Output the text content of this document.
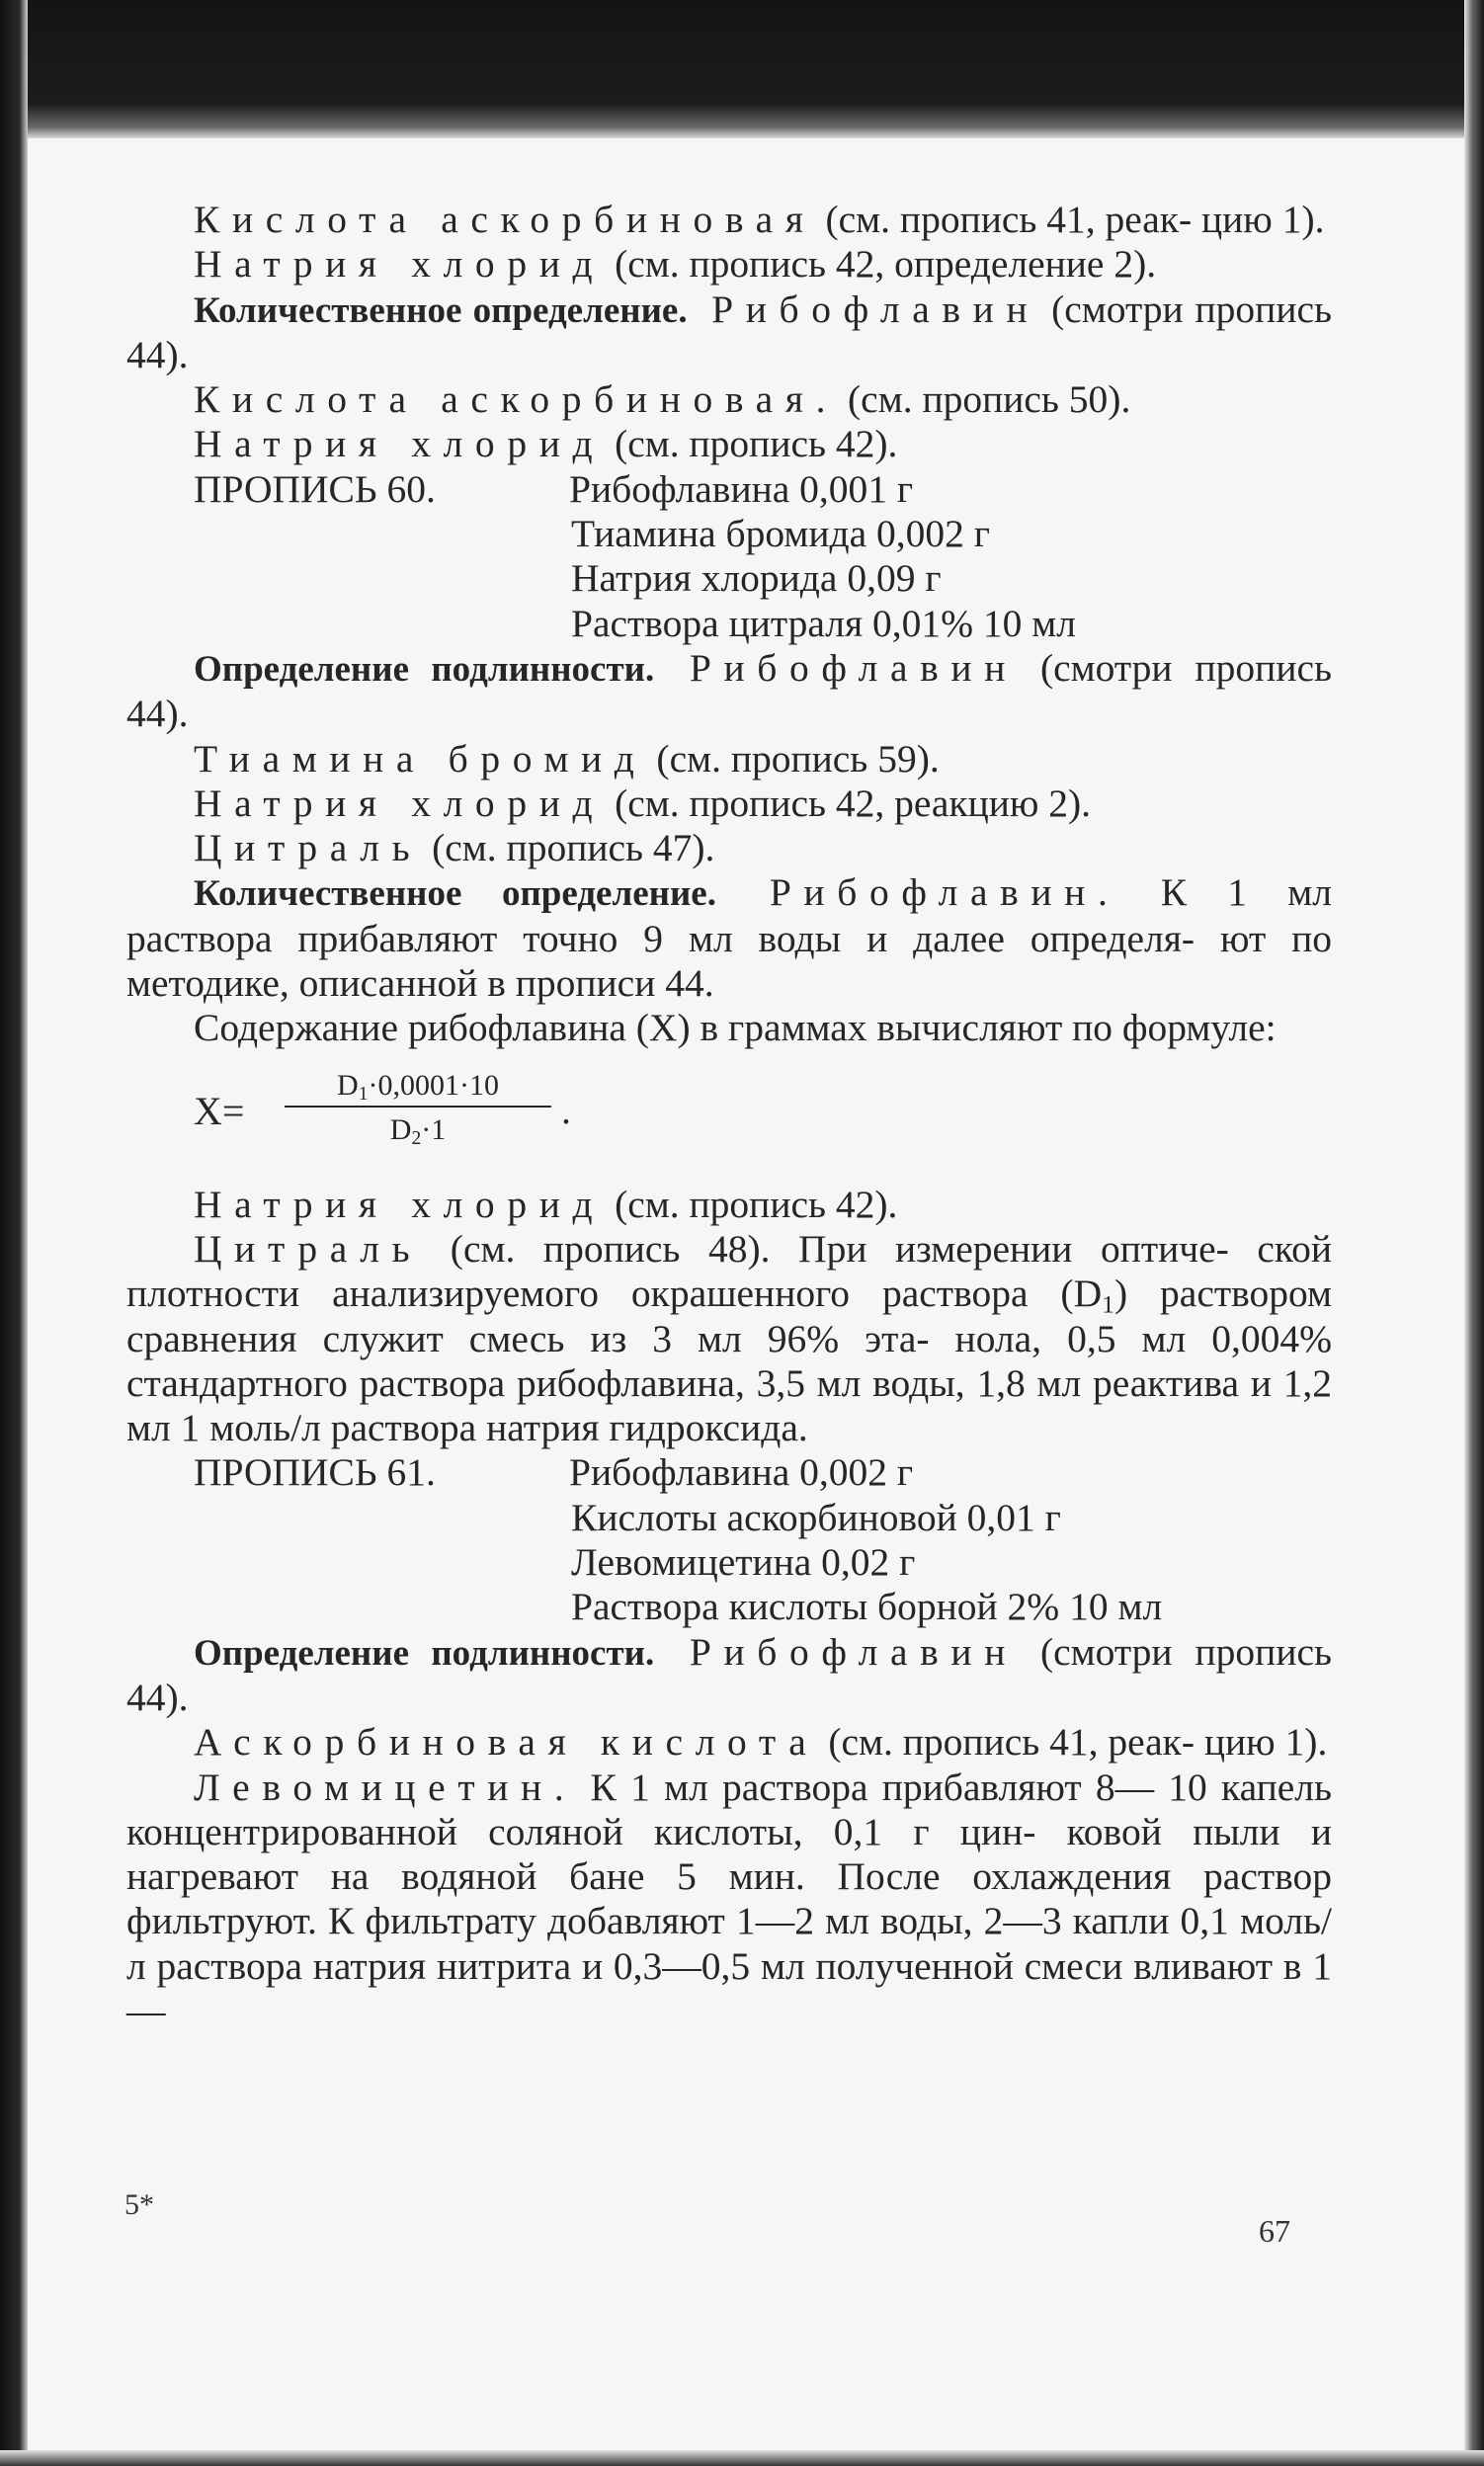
Кислота аскорбиновая (см. пропись 41, реак- цию 1).

Натрия хлорид (см. пропись 42, определение 2).

Количественное определение. Рибофлавин (смотри пропись 44).

Кислота аскорбиновая. (см. пропись 50).

Натрия хлорид (см. пропись 42).

ПРОПИСЬ 60.	Рибофлавина 0,001 г

Тиамина бромида 0,002 г

Натрия хлорида 0,09 г

Раствора цитраля 0,01% 10 мл

Определение подлинности. Рибофлавин (смотри пропись 44).

Тиамина бромид (см. пропись 59).

Натрия хлорид (см. пропись 42, реакцию 2).

Цитраль (см. пропись 47).

Количественное определение. Рибофлавин. К 1 мл раствора прибавляют точно 9 мл воды и далее определя- ют по методике, описанной в прописи 44.

Содержание рибофлавина (X) в граммах вычисляют по формуле:

X=
$D_1\cdot 0,0001\cdot 10$
$D_2\cdot 1$	.

Натрия хлорид (см. пропись 42).

Цитраль (см. пропись 48). При измерении оптиче- ской плотности анализируемого окрашенного раствора $(D_1)$ раствором сравнения служит смесь из 3 мл 96% эта- нола, 0,5 мл 0,004% стандартного раствора рибофлавина, 3,5 мл воды, 1,8 мл реактива и 1,2 мл 1 моль/л раствора натрия гидроксида.

ПРОПИСЬ 61.	Рибофлавина 0,002 г

Кислоты аскорбиновой 0,01 г

Левомицетина 0,02 г

Раствора кислоты борной 2% 10 мл

Определение подлинности. Рибофлавин (смотри пропись 44).

Аскорбиновая кислота (см. пропись 41, реак- цию 1).

Левомицетин. К 1 мл раствора прибавляют 8— 10 капель концентрированной соляной кислоты, 0,1 г цин- ковой пыли и нагревают на водяной бане 5 мин. После охлаждения раствор фильтруют. К фильтрату добавляют 1—2 мл воды, 2—3 капли 0,1 моль/л раствора натрия нитрита и 0,3—0,5 мл полученной смеси вливают в 1—

5*
67
